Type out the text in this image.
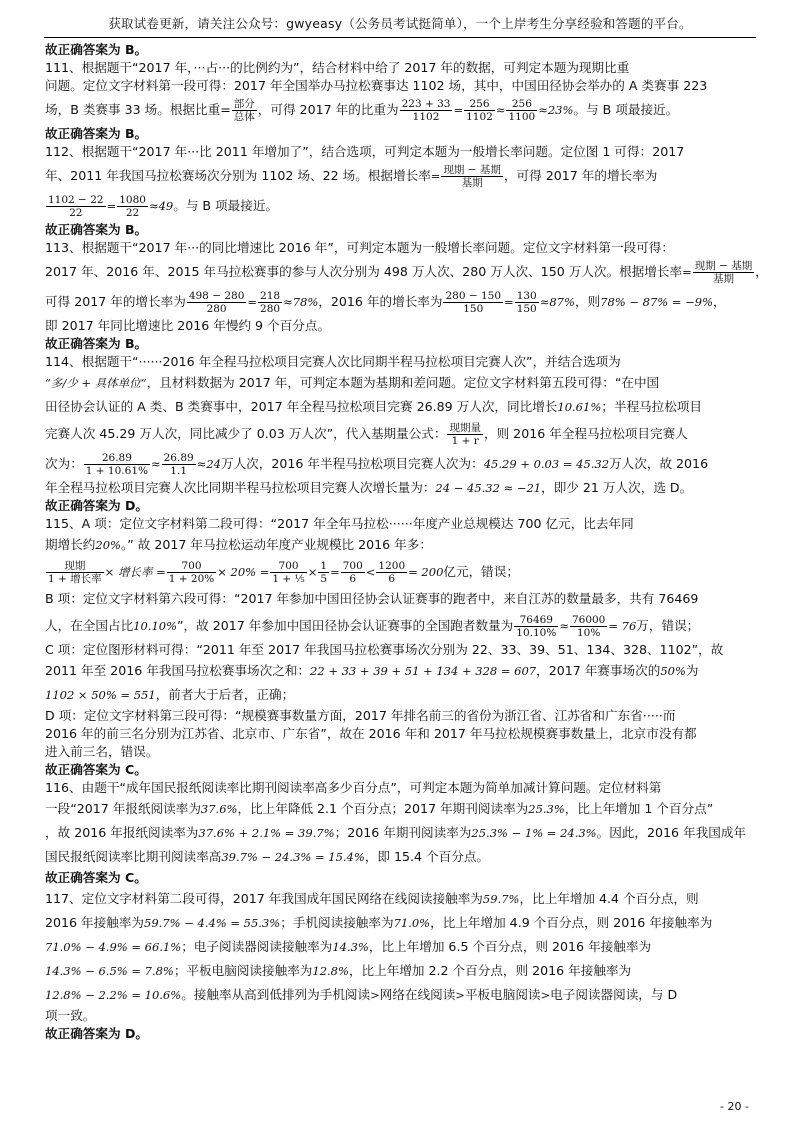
获取试卷更新，请关注公众号：gwyeasy（公务员考试挺简单），一个上岸考生分享经验和答题的平台。
故正确答案为 B。
111、根据题干“2017 年，···占···的比例约为”，结合材料中给了 2017 年的数据，可判定本题为现期比重
问题。定位文字材料第一段可得：2017 年全国举办马拉松赛事达 1102 场，其中，中国田径协会举办的 A 类赛事 223
场，B 类赛事 33 场。根据比重= $\frac{\text{部分}}{\text{总体}}$ ，可得 2017 年的比重为 $\frac{223 + 33}{1102} = \frac{256}{1102} \approx \frac{256}{1100} \approx 23\%$。与 B 项最接近。
故正确答案为 B。
112、根据题干“2017 年···比 2011 年增加了”，结合选项，可判定本题为一般增长率问题。定位图 1 可得：2017
年、2011 年我国马拉松赛场次分别为 1102 场、22 场。根据增长率= $\frac{\text{现期 − 基期}}{\text{基期}}$ ，可得 2017 年的增长率为
$\frac{1102 - 22}{22} = \frac{1080}{22} \approx 49$。与 B 项最接近。
故正确答案为 B。
113、根据题干“2017 年···的同比增速比 2016 年”，可判定本题为一般增长率问题。定位文字材料第一段可得：
2017 年、2016 年、2015 年马拉松赛事的参与人次分别为 498 万人次、280 万人次、150 万人次。根据增长率= $\frac{\text{现期 − 基期}}{\text{基期}}$ ，
可得 2017 年的增长率为 $\frac{498 - 280}{280} = \frac{218}{280} \approx 78\%$，2016 年的增长率为 $\frac{280 - 150}{150} = \frac{130}{150} \approx 87\%$，则78% − 87% = −9%，
即 2017 年同比增速比 2016 年慢约 9 个百分点。
故正确答案为 B。
114、根据题干“······2016 年全程马拉松项目完赛人次比同期半程马拉松项目完赛人次”，并结合选项为
“多/少 + 具体单位”，且材料数据为 2017 年，可判定本题为基期和差问题。定位文字材料第五段可得：“在中国
田径协会认证的 A 类、B 类赛事中，2017 年全程马拉松项目完赛 26.89 万人次，同比增长10.61%；半程马拉松项目
完赛人次 45.29 万人次，同比减少了 0.03 万人次”，代入基期量公式： $\frac{\text{现期量}}{1 + r}$ ，则 2016 年全程马拉松项目完赛人
次为： $\frac{26.89}{1 + 10.61\%} \approx \frac{26.89}{1.1} \approx 24$万人次，2016 年半程马拉松项目完赛人次为：45.29 + 0.03 = 45.32万人次，故 2016
年全程马拉松项目完赛人次比同期半程马拉松项目完赛人次增长量为：24 − 45.32 ≈ −21，即少 21 万人次，选 D。
故正确答案为 D。
115、A 项：定位文字材料第二段可得：“2017 年全年马拉松······年度产业总规模达 700 亿元，比去年同
期增长约20%。” 故 2017 年马拉松运动年度产业规模比 2016 年多：
$\frac{\text{现期}}{\text{1 + 增长率}}$ × 增长率 = $\frac{700}{1 + 20\%} \times 20\% = \frac{700}{\text{1 + ⅕}} \times \frac{1}{5} = \frac{700}{6} < \frac{1200}{6} = 200$亿元，错误；
B 项：定位文字材料第六段可得：“2017 年参加中国田径协会认证赛事的跑者中，来自江苏的数量最多，共有 76469
人，在全国占比10.10%”，故 2017 年参加中国田径协会认证赛事的全国跑者数量为 $\frac{76469}{10.10\%} \approx \frac{76000}{10\%} = 76$万，错误；
C 项：定位图形材料可得：“2011 年至 2017 年我国马拉松赛事场次分别为 22、33、39、51、134、328、1102”，故
2011 年至 2016 年我国马拉松赛事场次之和：22 + 33 + 39 + 51 + 134 + 328 = 607，2017 年赛事场次的50%为
1102 × 50% = 551，前者大于后者，正确；
D 项：定位文字材料第三段可得：“规模赛事数量方面，2017 年排名前三的省份为浙江省、江苏省和广东省·····而
2016 年的前三名分别为江苏省、北京市、广东省”，故在 2016 年和 2017 年马拉松规模赛事数量上，北京市没有都
进入前三名，错误。
故正确答案为 C。
116、由题干“成年国民报纸阅读率比期刊阅读率高多少百分点”，可判定本题为简单加减计算问题。定位材料第
一段“2017 年报纸阅读率为37.6%，比上年降低 2.1 个百分点；2017 年期刊阅读率为25.3%，比上年增加 1 个百分点”
，故 2016 年报纸阅读率为37.6% + 2.1% = 39.7%；2016 年期刊阅读率为25.3% − 1% = 24.3%。因此，2016 年我国成年
国民报纸阅读率比期刊阅读率高39.7% − 24.3% = 15.4%，即 15.4 个百分点。
故正确答案为 C。
117、定位文字材料第二段可得，2017 年我国成年国民网络在线阅读接触率为59.7%，比上年增加 4.4 个百分点，则
2016 年接触率为59.7% − 4.4% = 55.3%；手机阅读接触率为71.0%，比上年增加 4.9 个百分点，则 2016 年接触率为
71.0% − 4.9% = 66.1%；电子阅读器阅读接触率为14.3%，比上年增加 6.5 个百分点，则 2016 年接触率为
14.3% − 6.5% = 7.8%；平板电脑阅读接触率为12.8%，比上年增加 2.2 个百分点，则 2016 年接触率为
12.8% − 2.2% = 10.6%。接触率从高到低排列为手机阅读>网络在线阅读>平板电脑阅读>电子阅读器阅读，与 D
项一致。
故正确答案为 D。
- 20 -
